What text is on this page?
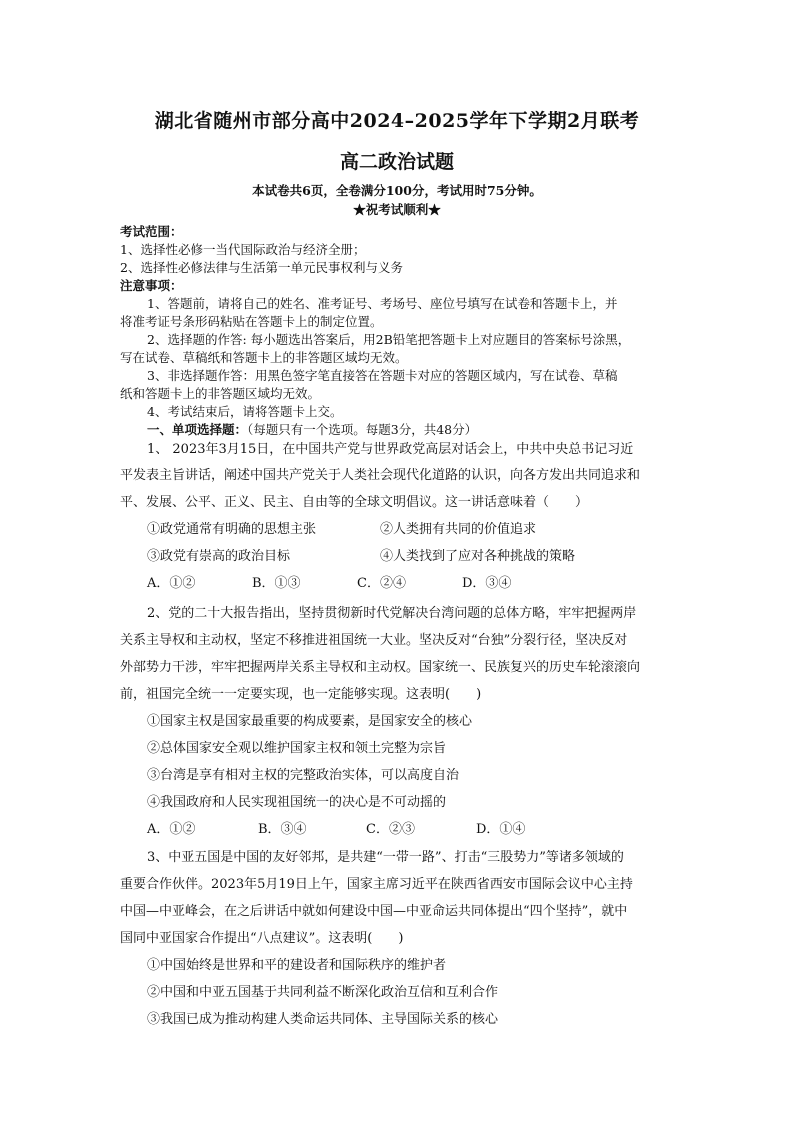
湖北省随州市部分高中2024–2025学年下学期2月联考
高二政治试题
本试卷共6页，全卷满分100分，考试用时75分钟。
★祝考试顺利★
考试范围：
1、选择性必修一当代国际政治与经济全册；
2、选择性必修法律与生活第一单元民事权利与义务
注意事项：
1、答题前，请将自己的姓名、准考证号、考场号、座位号填写在试卷和答题卡上，并
将准考证号条形码粘贴在答题卡上的制定位置。
2、选择题的作答: 每小题选出答案后，用2B铅笔把答题卡上对应题目的答案标号涂黑，
写在试卷、草稿纸和答题卡上的非答题区域均无效。
3、非选择题作答：用黑色签字笔直接答在答题卡对应的答题区域内，写在试卷、草稿
纸和答题卡上的非答题区域均无效。
4、考试结束后，请将答题卡上交。
一、单项选择题：（每题只有一个选项。每题3分，共48分）
1、 2023年3月15日，在中国共产党与世界政党高层对话会上，中共中央总书记习近
平发表主旨讲话，阐述中国共产党关于人类社会现代化道路的认识，向各方发出共同追求和
平、发展、公平、正义、民主、自由等的全球文明倡议。这一讲话意味着（　　）
①政党通常有明确的思想主张	②人类拥有共同的价值追求
③政党有崇高的政治目标	④人类找到了应对各种挑战的策略
A．①②	B．①③	C．②④	D．③④
2、党的二十大报告指出，坚持贯彻新时代党解决台湾问题的总体方略，牢牢把握两岸
关系主导权和主动权，坚定不移推进祖国统一大业。坚决反对“台独”分裂行径，坚决反对
外部势力干涉，牢牢把握两岸关系主导权和主动权。国家统一、民族复兴的历史车轮滚滚向
前，祖国完全统一一定要实现，也一定能够实现。这表明(　　)
①国家主权是国家最重要的构成要素，是国家安全的核心
②总体国家安全观以维护国家主权和领土完整为宗旨
③台湾是享有相对主权的完整政治实体，可以高度自治
④我国政府和人民实现祖国统一的决心是不可动摇的
A．①②	B．③④	C．②③	D．①④
3、中亚五国是中国的友好邻邦，是共建“一带一路”、打击“三股势力”等诸多领域的
重要合作伙伴。2023年5月19日上午，国家主席习近平在陕西省西安市国际会议中心主持
中国—中亚峰会，在之后讲话中就如何建设中国—中亚命运共同体提出“四个坚持”，就中
国同中亚国家合作提出“八点建议”。这表明(　　)
①中国始终是世界和平的建设者和国际秩序的维护者
②中国和中亚五国基于共同利益不断深化政治互信和互利合作
③我国已成为推动构建人类命运共同体、主导国际关系的核心
